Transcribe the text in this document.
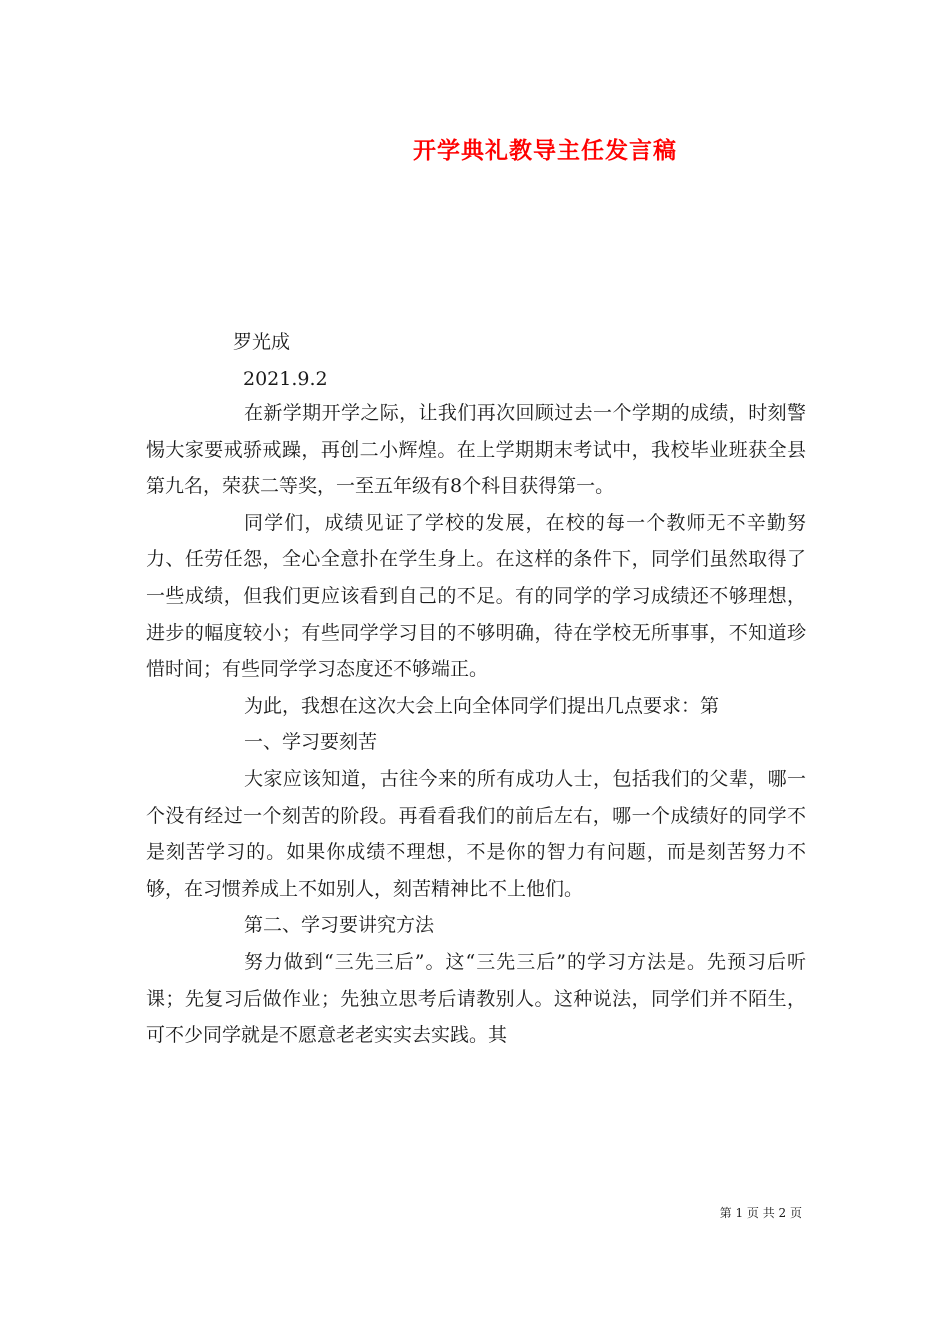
开学典礼教导主任发言稿
罗光成
2021.9.2

在新学期开学之际，让我们再次回顾过去一个学期的成绩，时刻警惕大家要戒骄戒躁，再创二小辉煌。在上学期期末考试中，我校毕业班获全县第九名，荣获二等奖，一至五年级有8个科目获得第一。

同学们，成绩见证了学校的发展，在校的每一个教师无不辛勤努力、任劳任怨，全心全意扑在学生身上。在这样的条件下，同学们虽然取得了一些成绩，但我们更应该看到自己的不足。有的同学的学习成绩还不够理想，进步的幅度较小；有些同学学习目的不够明确，待在学校无所事事，不知道珍惜时间；有些同学学习态度还不够端正。

为此，我想在这次大会上向全体同学们提出几点要求：第

一、学习要刻苦

大家应该知道，古往今来的所有成功人士，包括我们的父辈，哪一个没有经过一个刻苦的阶段。再看看我们的前后左右，哪一个成绩好的同学不是刻苦学习的。如果你成绩不理想，不是你的智力有问题，而是刻苦努力不够，在习惯养成上不如别人，刻苦精神比不上他们。

第二、学习要讲究方法

努力做到“三先三后”。这“三先三后”的学习方法是。先预习后听课；先复习后做作业；先独立思考后请教别人。这种说法，同学们并不陌生，可不少同学就是不愿意老老实实去实践。其

第 1 页 共 2 页
